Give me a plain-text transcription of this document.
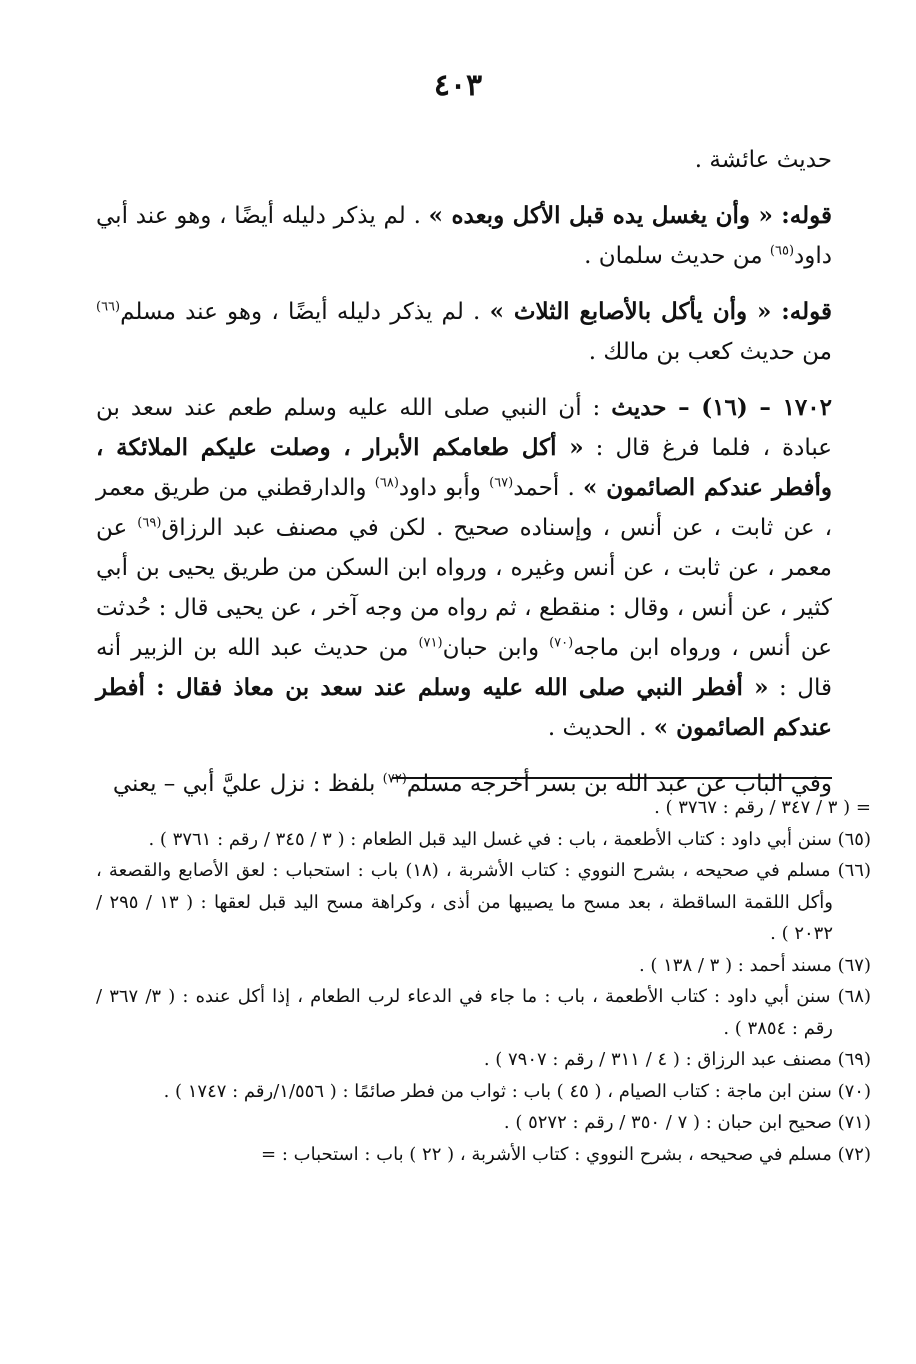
٤٠٣

حديث عائشة .

قوله: « وأن يغسل يده قبل الأكل وبعده » . لم يذكر دليله أيضًا ، وهو عند أبي داود$^{(٦٥)}$ من حديث سلمان .

قوله: « وأن يأكل بالأصابع الثلاث » . لم يذكر دليله أيضًا ، وهو عند مسلم$^{(٦٦)}$ من حديث كعب بن مالك .

١٧٠٢ – (١٦) – حديث : أن النبي صلى الله عليه وسلم طعم عند سعد بن عبادة ، فلما فرغ قال : « أكل طعامكم الأبرار ، وصلت عليكم الملائكة ، وأفطر عندكم الصائمون » . أحمد$^{(٦٧)}$ وأبو داود$^{(٦٨)}$ والدارقطني من طريق معمر ، عن ثابت ، عن أنس ، وإسناده صحيح . لكن في مصنف عبد الرزاق$^{(٦٩)}$ عن معمر ، عن ثابت ، عن أنس وغيره ، ورواه ابن السكن من طريق يحيى بن أبي كثير ، عن أنس ، وقال : منقطع ، ثم رواه من وجه آخر ، عن يحيى قال : حُدثت عن أنس ، ورواه ابن ماجه$^{(٧٠)}$ وابن حبان$^{(٧١)}$ من حديث عبد الله بن الزبير أنه قال : « أفطر النبي صلى الله عليه وسلم عند سعد بن معاذ فقال : أفطر عندكم الصائمون » . الحديث .

وفي الباب عن عبد الله بن بسر أخرجه مسلم$^{(٧٢)}$ بلفظ : نزل عليَّ أبي – يعني

= ( ٣ / ٣٤٧ / رقم : ٣٧٦٧ ) .

(٦٥) سنن أبي داود : كتاب الأطعمة ، باب : في غسل اليد قبل الطعام : ( ٣ / ٣٤٥ / رقم : ٣٧٦١ ) .

(٦٦) مسلم في صحيحه ، بشرح النووي : كتاب الأشربة ، (١٨) باب : استحباب : لعق الأصابع والقصعة ، وأكل اللقمة الساقطة ، بعد مسح ما يصيبها من أذى ، وكراهة مسح اليد قبل لعقها : ( ١٣ / ٢٩٥ / ٢٠٣٢ ) .

(٦٧) مسند أحمد : ( ٣ / ١٣٨ ) .

(٦٨) سنن أبي داود : كتاب الأطعمة ، باب : ما جاء في الدعاء لرب الطعام ، إذا أكل عنده : ( ٣/ ٣٦٧ / رقم : ٣٨٥٤ ) .

(٦٩) مصنف عبد الرزاق : ( ٤ / ٣١١ / رقم : ٧٩٠٧ ) .

(٧٠) سنن ابن ماجة : كتاب الصيام ، ( ٤٥ ) باب : ثواب من فطر صائمًا : ( ١/٥٥٦/رقم : ١٧٤٧ ) .

(٧١) صحيح ابن حبان : ( ٧ / ٣٥٠ / رقم : ٥٢٧٢ ) .

(٧٢) مسلم في صحيحه ، بشرح النووي : كتاب الأشربة ، ( ٢٢ ) باب : استحباب : =
